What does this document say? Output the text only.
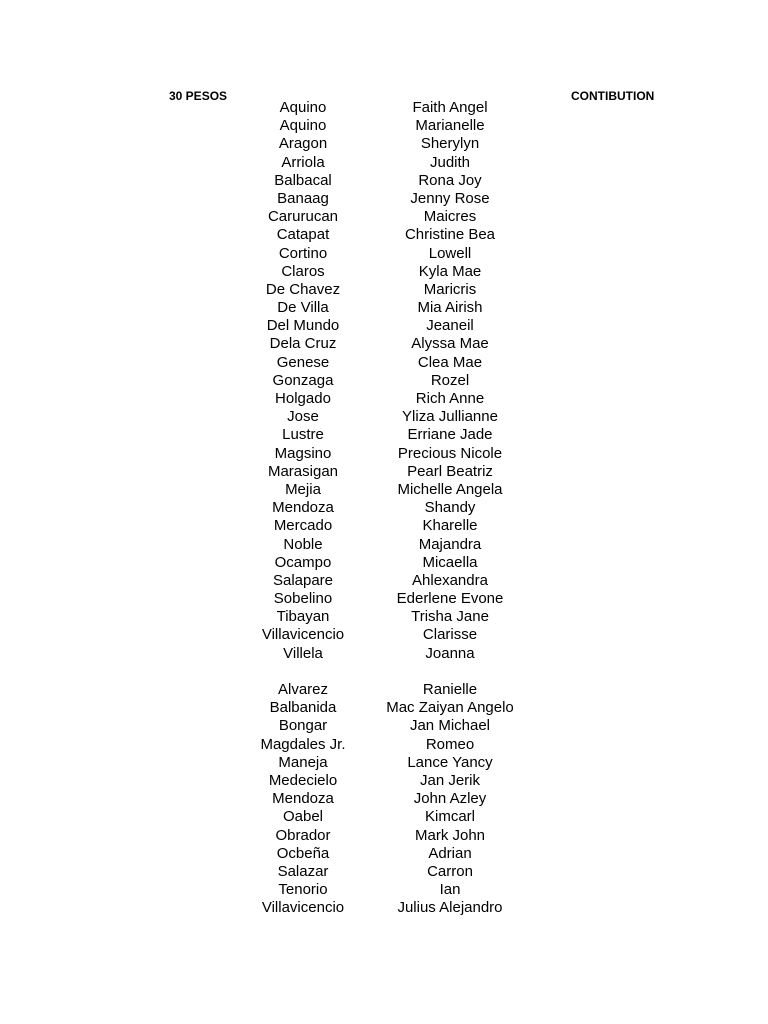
30 PESOS	CONTIBUTION
Aquino	Faith Angel
Aquino	Marianelle
Aragon	Sherylyn
Arriola	Judith
Balbacal	Rona Joy
Banaag	Jenny Rose
Carurucan	Maicres
Catapat	Christine Bea
Cortino	Lowell
Claros	Kyla Mae
De Chavez	Maricris
De Villa	Mia Airish
Del Mundo	Jeaneil
Dela Cruz	Alyssa Mae
Genese	Clea Mae
Gonzaga	Rozel
Holgado	Rich Anne
Jose	Yliza Jullianne
Lustre	Erriane Jade
Magsino	Precious Nicole
Marasigan	Pearl Beatriz
Mejia	Michelle Angela
Mendoza	Shandy
Mercado	Kharelle
Noble	Majandra
Ocampo	Micaella
Salapare	Ahlexandra
Sobelino	Ederlene Evone
Tibayan	Trisha Jane
Villavicencio	Clarisse
Villela	Joanna
Alvarez	Ranielle
Balbanida	Mac Zaiyan Angelo
Bongar	Jan Michael
Magdales Jr.	Romeo
Maneja	Lance Yancy
Medecielo	Jan Jerik
Mendoza	John Azley
Oabel	Kimcarl
Obrador	Mark John
Ocbeña	Adrian
Salazar	Carron
Tenorio	Ian
Villavicencio	Julius Alejandro
